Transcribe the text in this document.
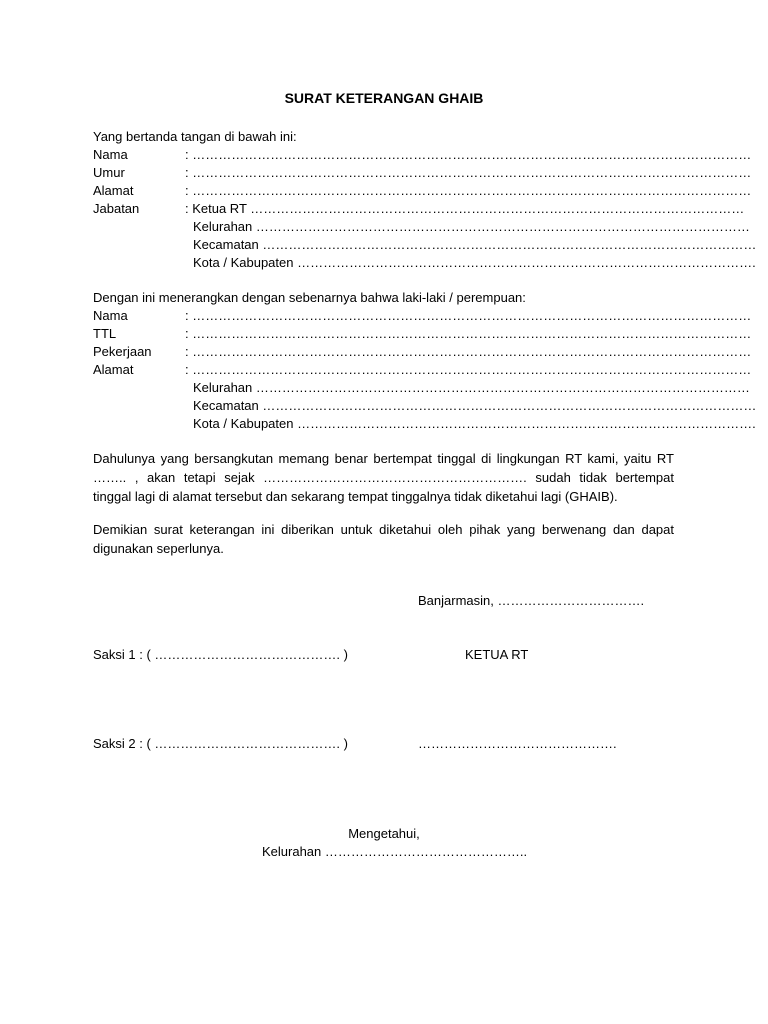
SURAT KETERANGAN GHAIB
Yang bertanda tangan di bawah ini:
Nama	: …………………………………………………………………………………………………………………
Umur	: …………………………………………………………………………………………………………………
Alamat	: …………………………………………………………………………………………………………………
Jabatan	: Ketua RT ……………………………………………………………………………………………………
Kelurahan ……………………………………………………………………………………………………
Kecamatan ……………………………………………………………………………………………………
Kota / Kabupaten …………………………………………………………………………………………….
Dengan ini menerangkan dengan sebenarnya bahwa laki-laki / perempuan:
Nama	: …………………………………………………………………………………………………………………
TTL	: …………………………………………………………………………………………………………………
Pekerjaan	: …………………………………………………………………………………………………………………
Alamat	: …………………………………………………………………………………………………………………
Kelurahan ……………………………………………………………………………………………………
Kecamatan ……………………………………………………………………………………………………
Kota / Kabupaten …………………………………………………………………………………………….
Dahulunya yang bersangkutan memang benar bertempat tinggal di lingkungan RT kami, yaitu RT …….. , akan tetapi sejak ……………………………………………………. sudah tidak bertempat tinggal lagi di alamat tersebut dan sekarang tempat tinggalnya tidak diketahui lagi (GHAIB).
Demikian surat keterangan ini diberikan untuk diketahui oleh pihak yang berwenang dan dapat digunakan seperlunya.
Banjarmasin, …………………………….
Saksi 1 : ( ……………………………………. )	KETUA RT
Saksi 2 : ( ……………………………………. )	……………………………………….
Mengetahui,
Kelurahan ………………………………………..
